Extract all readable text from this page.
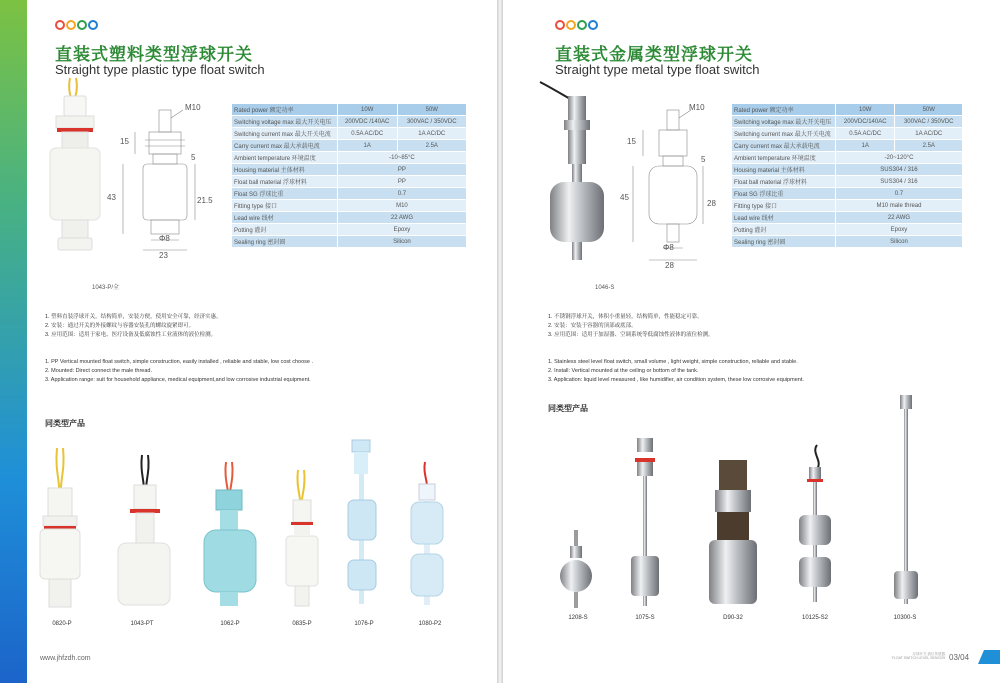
直装式塑料类型浮球开关
Straight type plastic type float switch
M10
15
5
43	21.5
Φ8
23
Rated power 额定功率	10W	50W
Switching voltage max 最大开关电压	200VDC /140AC	300VAC / 350VDC
Switching current max 最大开关电流	0.5A AC/DC	1A AC/DC
Carry current max 最大承载电流	1A	2.5A
Ambient temperature 环境温度	-10~85°C	
Housing material 主体材料	PP	
Float ball material 浮球材料	PP	
Float SG 浮球比重	0.7	
Fitting type 接口	M10	
Lead wire 线材	22 AWG	
Potting 灌封	Epoxy	
Sealing ring 密封圈	Silicon	
1043-P/全

1. 塑料直装浮球开关，结构简单，安装方便，使用安全可靠，经济实惠。

2. 安装：通过开关的外接螺纹与容器安装孔的螺纹旋紧即可。

3. 应用范围：适用于家电、医疗设备及低腐蚀性工业液体的液位检测。

1. PP Vertical mounted float switch, simple construction, easily installed , reliable and stable, low cost choose .

2. Mounted: Direct connect the male thread.

3. Application range: suit for household appliance, medical equipment,and low corrosive industrial equipment.

同类型产品
0820-P	1043-PT	1062-P	0835-P	1076-P	1080-P2
www.jhfzdh.com
直装式金属类型浮球开关
Straight type metal type float switch
M10
15
5
45
28
Φ8
28
Rated power 额定功率	10W	50W
Switching voltage max 最大开关电压	200VDC/140AC	300VAC / 350VDC
Switching current max 最大开关电流	0.5A AC/DC	1A AC/DC
Carry current max 最大承载电流	1A	2.5A
Ambient temperature 环境温度	-20~120°C	
Housing material 主体材料	SUS304 / 316	
Float ball material 浮球材料	SUS304 / 316	
Float SG 浮球比重	0.7	
Fitting type 接口	M10 male thread	
Lead wire 线材	22 AWG	
Potting 灌封	Epoxy	
Sealing ring 密封圈	Silicon	
1046-S

1. 不锈钢浮球开关，体积小重量轻，结构简单，性能稳定可靠。

2. 安装：安装于容器的顶部或底部。

3. 应用范围：适用于加湿器、空调系统等低腐蚀性液体的液位检测。

1. Stainless steel level float switch, small volume , light weight, simple construction, reliable and stable.

2. Install: Vertical mounted at the ceiling or bottom of the tank.

3. Application: liquid level measured , like humidifier, air condition system, these low corrosive equipment.

同类型产品
1208-S	1075-S	D90-32	10125-S2	10300-S
浮球开关 液位传感器
FLOAT SWITCH LEVEL SENSOR 03/04
